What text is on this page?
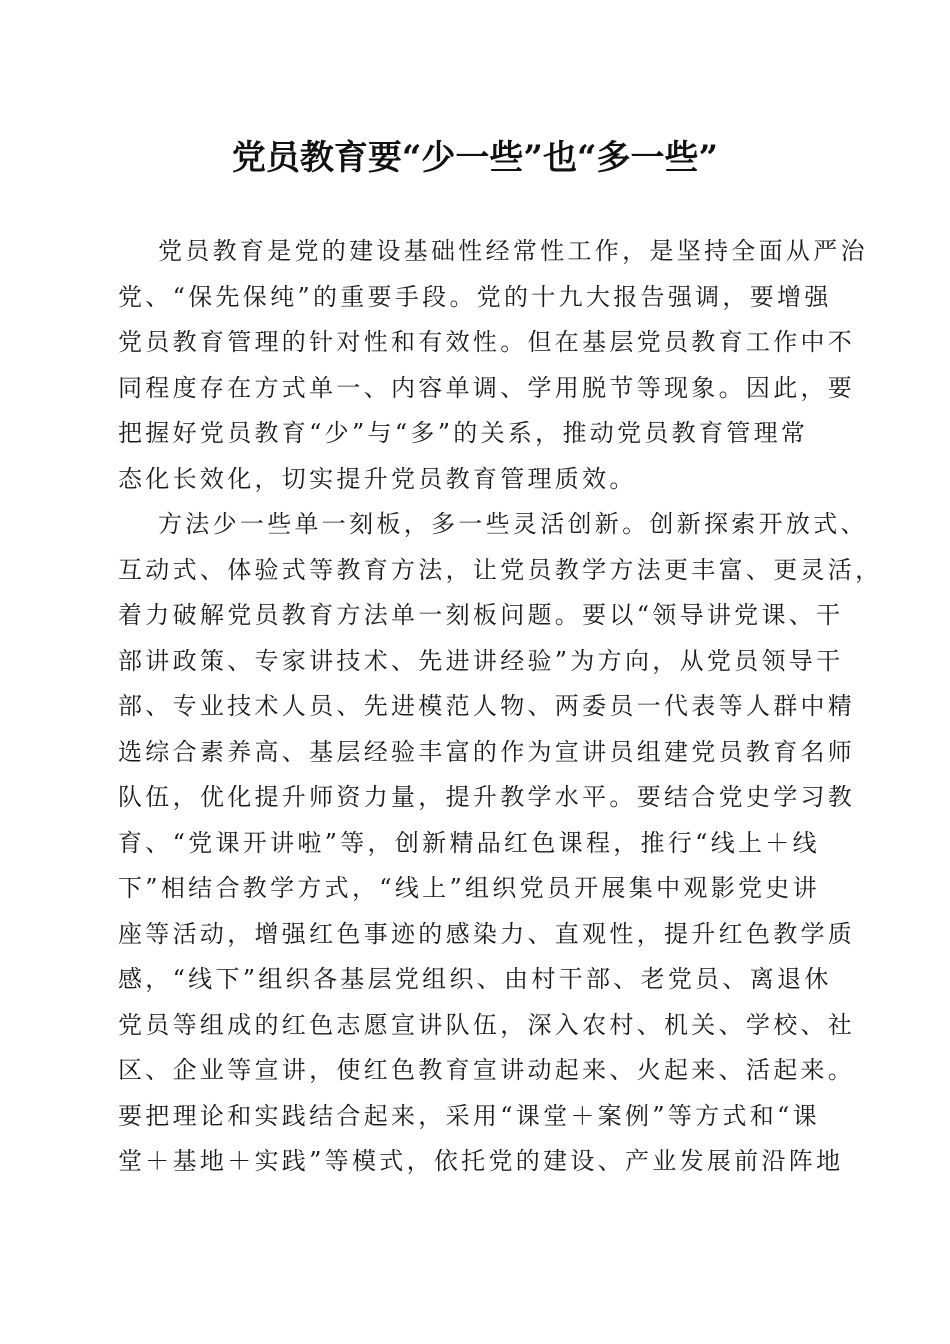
党员教育要“少一些”也“多一些”
党员教育是党的建设基础性经常性工作，是坚持全面从严治
党、“保先保纯”的重要手段。党的十九大报告强调，要增强
党员教育管理的针对性和有效性。但在基层党员教育工作中不
同程度存在方式单一、内容单调、学用脱节等现象。因此，要
把握好党员教育“少”与“多”的关系，推动党员教育管理常
态化长效化，切实提升党员教育管理质效。
方法少一些单一刻板，多一些灵活创新。创新探索开放式、
互动式、体验式等教育方法，让党员教学方法更丰富、更灵活，
着力破解党员教育方法单一刻板问题。要以“领导讲党课、干
部讲政策、专家讲技术、先进讲经验”为方向，从党员领导干
部、专业技术人员、先进模范人物、两委员一代表等人群中精
选综合素养高、基层经验丰富的作为宣讲员组建党员教育名师
队伍，优化提升师资力量，提升教学水平。要结合党史学习教
育、“党课开讲啦”等，创新精品红色课程，推行“线上＋线
下”相结合教学方式，“线上”组织党员开展集中观影党史讲
座等活动，增强红色事迹的感染力、直观性，提升红色教学质
感，“线下”组织各基层党组织、由村干部、老党员、离退休
党员等组成的红色志愿宣讲队伍，深入农村、机关、学校、社
区、企业等宣讲，使红色教育宣讲动起来、火起来、活起来。
要把理论和实践结合起来，采用“课堂＋案例”等方式和“课
堂＋基地＋实践”等模式，依托党的建设、产业发展前沿阵地
